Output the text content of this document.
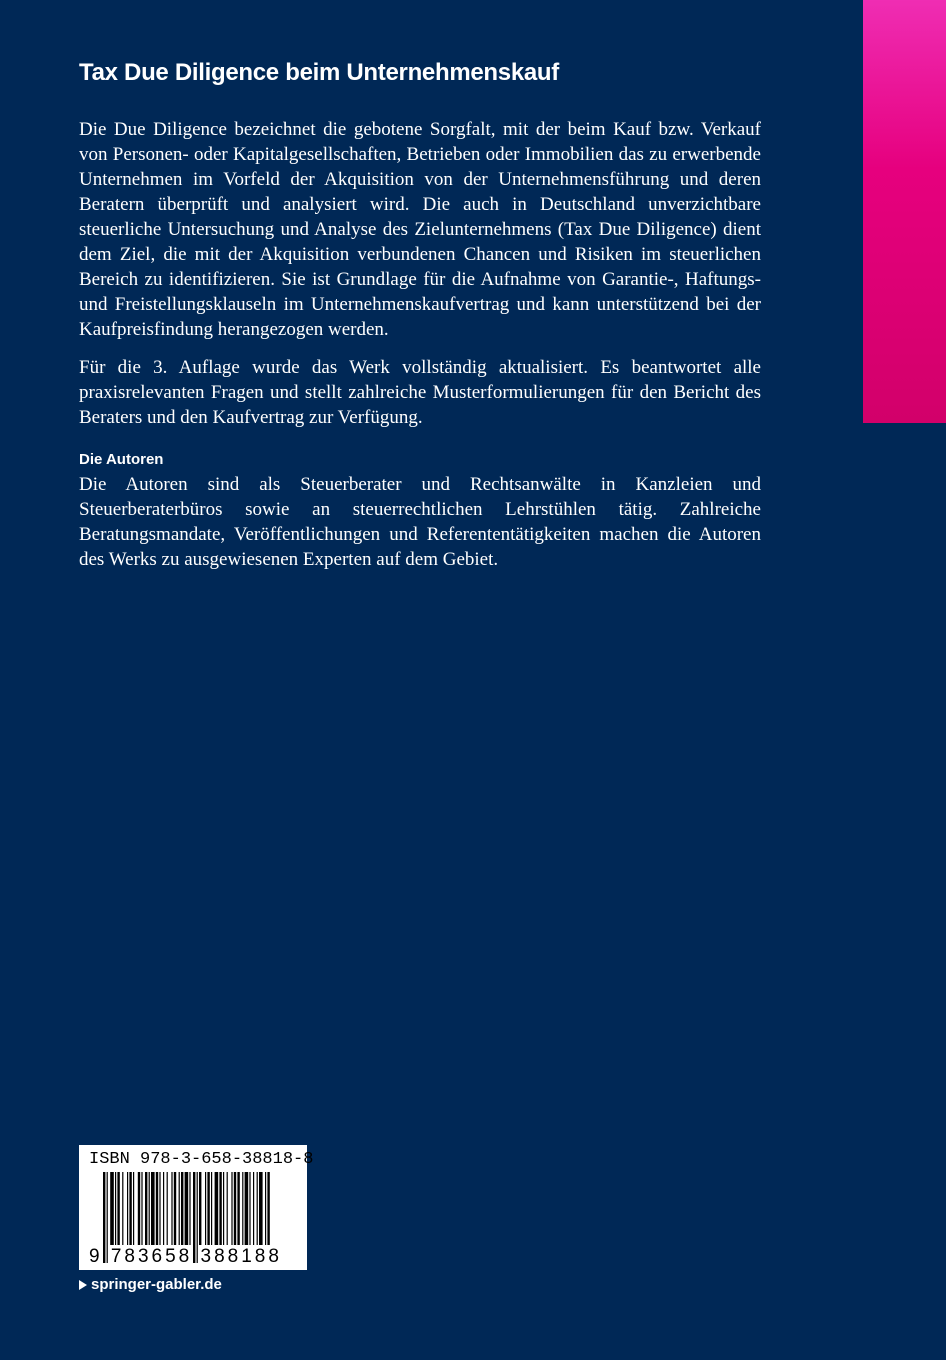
Tax Due Diligence beim Unternehmenskauf

Die Due Diligence bezeichnet die gebotene Sorgfalt, mit der beim Kauf bzw. Verkauf von Personen- oder Kapitalgesellschaften, Betrieben oder Immobilien das zu erwerbende Unternehmen im Vorfeld der Akquisition von der Unternehmensführung und deren Beratern überprüft und analysiert wird. Die auch in Deutschland unverzichtbare steuerliche Untersuchung und Analyse des Zielunternehmens (Tax Due Diligence) dient dem Ziel, die mit der Akquisition verbundenen Chancen und Risiken im steuerlichen Bereich zu identifizieren. Sie ist Grundlage für die Aufnahme von Garantie-, Haftungs- und Freistellungsklauseln im Unternehmenskaufvertrag und kann unterstützend bei der Kaufpreisfindung herangezogen werden.

Für die 3. Auflage wurde das Werk vollständig aktualisiert. Es beantwortet alle praxisrelevanten Fragen und stellt zahlreiche Musterformulierungen für den Bericht des Beraters und den Kaufvertrag zur Verfügung.

Die Autoren

Die Autoren sind als Steuerberater und Rechtsanwälte in Kanzleien und Steuerberaterbüros sowie an steuerrechtlichen Lehrstühlen tätig. Zahlreiche Beratungsmandate, Veröffentlichungen und Referententätigkeiten machen die Autoren des Werks zu ausgewiesenen Experten auf dem Gebiet.

ISBN 978-3-658-38818-8
9 783658 388188
springer-gabler.de
